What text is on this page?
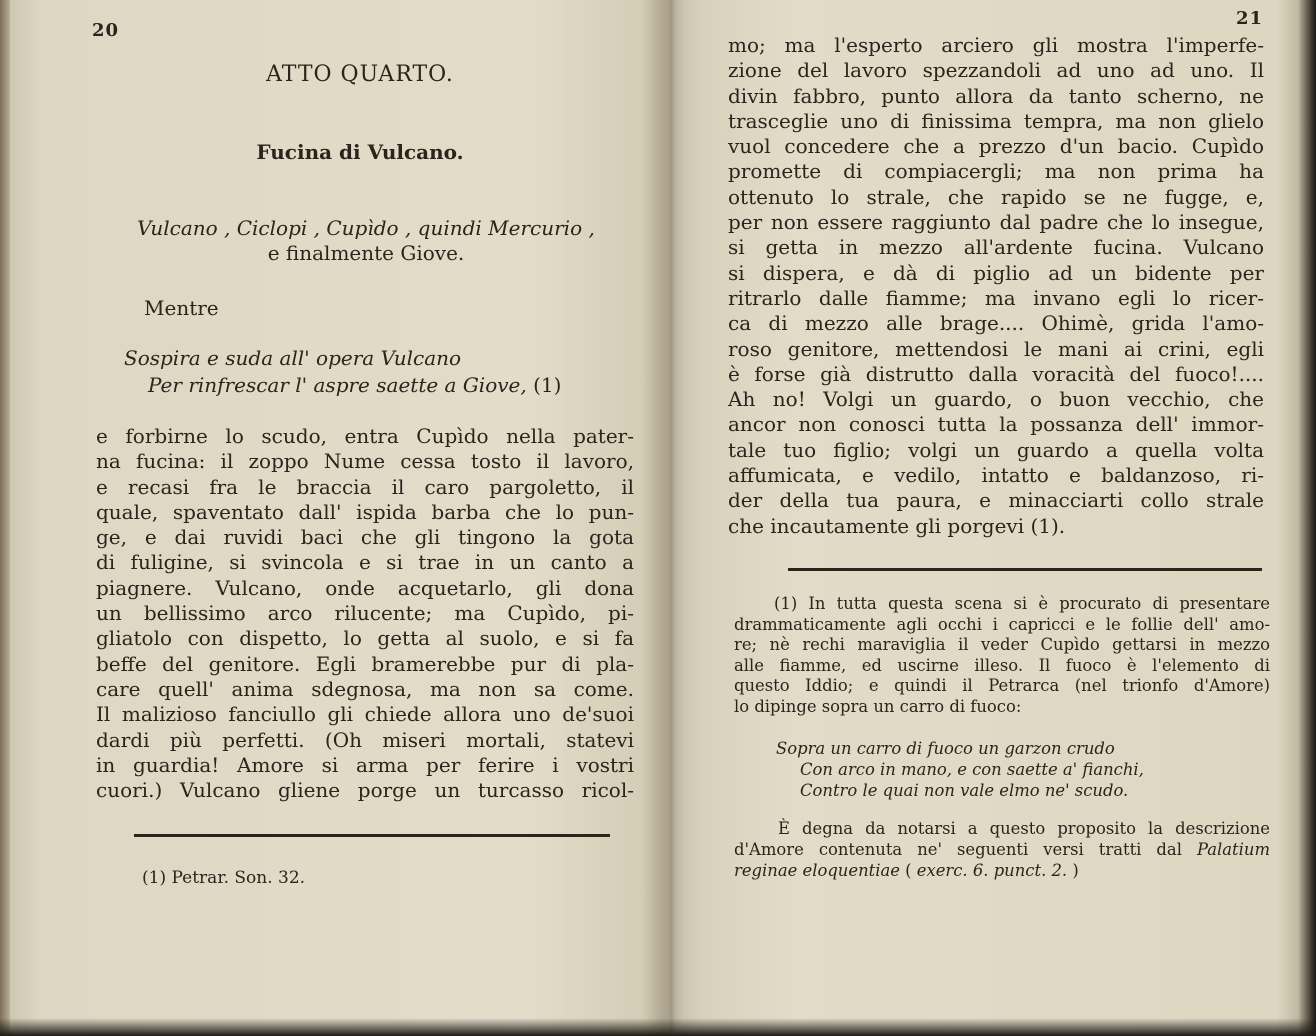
20
ATTO QUARTO.
Fucina di Vulcano.
Vulcano , Ciclopi , Cupìdo , quindi Mercurio ,
e finalmente Giove.
Mentre
Sospira e suda all' opera Vulcano
Per rinfrescar l' aspre saette a Giove, (1)
e forbirne lo scudo, entra Cupìdo nella pater-
na fucina: il zoppo Nume cessa tosto il lavoro,
e recasi fra le braccia il caro pargoletto, il
quale, spaventato dall' ispida barba che lo pun-
ge, e dai ruvidi baci che gli tingono la gota
di fuligine, si svincola e si trae in un canto a
piagnere. Vulcano, onde acquetarlo, gli dona
un bellissimo arco rilucente; ma Cupìdo, pi-
gliatolo con dispetto, lo getta al suolo, e si fa
beffe del genitore. Egli bramerebbe pur di pla-
care quell' anima sdegnosa, ma non sa come.
Il malizioso fanciullo gli chiede allora uno de'suoi
dardi più perfetti. (Oh miseri mortali, statevi
in guardia! Amore si arma per ferire i vostri
cuori.) Vulcano gliene porge un turcasso ricol-
(1) Petrar. Son. 32.
21
mo; ma l'esperto arciero gli mostra l'imperfe-
zione del lavoro spezzandoli ad uno ad uno. Il
divin fabbro, punto allora da tanto scherno, ne
trasceglie uno di finissima tempra, ma non glielo
vuol concedere che a prezzo d'un bacio. Cupìdo
promette di compiacergli; ma non prima ha
ottenuto lo strale, che rapido se ne fugge, e,
per non essere raggiunto dal padre che lo insegue,
si getta in mezzo all'ardente fucina. Vulcano
si dispera, e dà di piglio ad un bidente per
ritrarlo dalle fiamme; ma invano egli lo ricer-
ca di mezzo alle brage.... Ohimè, grida l'amo-
roso genitore, mettendosi le mani ai crini, egli
è forse già distrutto dalla voracità del fuoco!....
Ah no! Volgi un guardo, o buon vecchio, che
ancor non conosci tutta la possanza dell' immor-
tale tuo figlio; volgi un guardo a quella volta
affumicata, e vedilo, intatto e baldanzoso, ri-
der della tua paura, e minacciarti collo strale
che incautamente gli porgevi (1).
(1) In tutta questa scena si è procurato di presentare
drammaticamente agli occhi i capricci e le follie dell' amo-
re; nè rechi maraviglia il veder Cupìdo gettarsi in mezzo
alle fiamme, ed uscirne illeso. Il fuoco è l'elemento di
questo Iddio; e quindi il Petrarca (nel trionfo d'Amore)
lo dipinge sopra un carro di fuoco:
Sopra un carro di fuoco un garzon crudo
Con arco in mano, e con saette a' fianchi,
Contro le quai non vale elmo ne' scudo.
È degna da notarsi a questo proposito la descrizione
d'Amore contenuta ne' seguenti versi tratti dal Palatium
reginae eloquentiae ( exerc. 6. punct. 2. )
